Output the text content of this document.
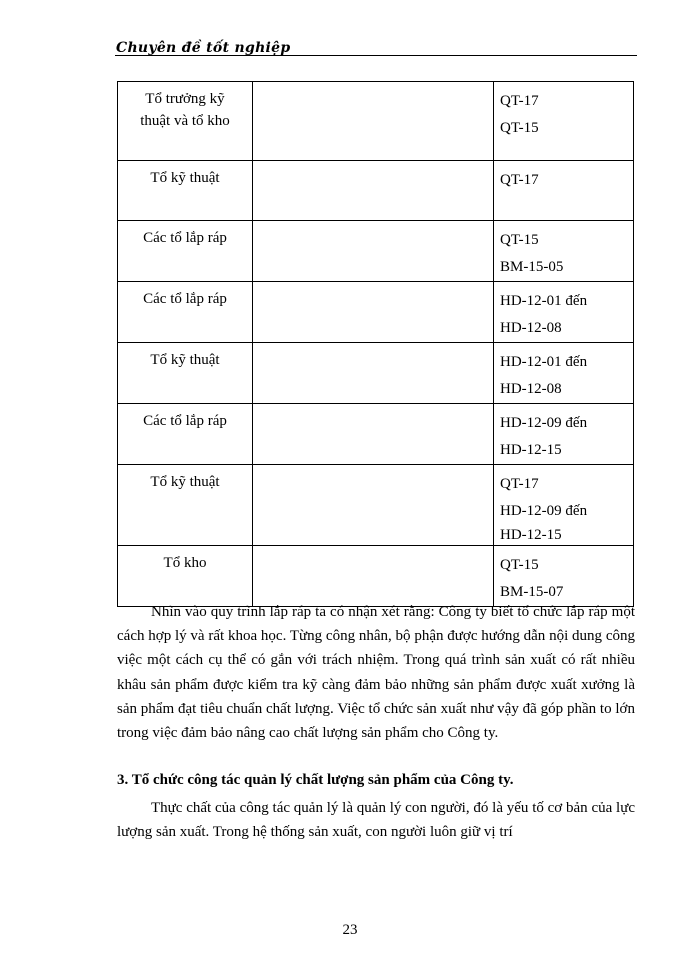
Chuyên đề tốt nghiệp
Tổ trưởng kỹ
thuật và tổ kho		QT-17
QT-15

Tổ kỹ thuật		QT-17

Các tổ lắp ráp		QT-15
BM-15-05

Các tổ lắp ráp		HD-12-01 đến
HD-12-08

Tổ kỹ thuật		HD-12-01 đến
HD-12-08

Các tổ lắp ráp		HD-12-09 đến
HD-12-15

Tổ kỹ thuật		QT-17
HD-12-09 đến
HD-12-15

Tổ kho		QT-15
BM-15-07
Nhìn vào quy trình lắp ráp ta có nhận xét rằng: Công ty biết tổ chức lắp ráp một cách hợp lý và rất khoa học. Từng công nhân, bộ phận được hướng dẫn nội dung công việc một cách cụ thể có gắn với trách nhiệm. Trong quá trình sản xuất có rất nhiều khâu sản phẩm được kiểm tra kỹ càng đảm bảo những sản phẩm được xuất xưởng là sản phẩm đạt tiêu chuẩn chất lượng. Việc tổ chức sản xuất như vậy đã góp phần to lớn trong việc đảm bảo nâng cao chất lượng sản phẩm cho Công ty.
3. Tổ chức công tác quản lý chất lượng sản phẩm của Công ty.
Thực chất của công tác quản lý là quản lý con người, đó là yếu tố cơ bản của lực lượng sản xuất. Trong hệ thống sản xuất, con người luôn giữ vị trí
23
